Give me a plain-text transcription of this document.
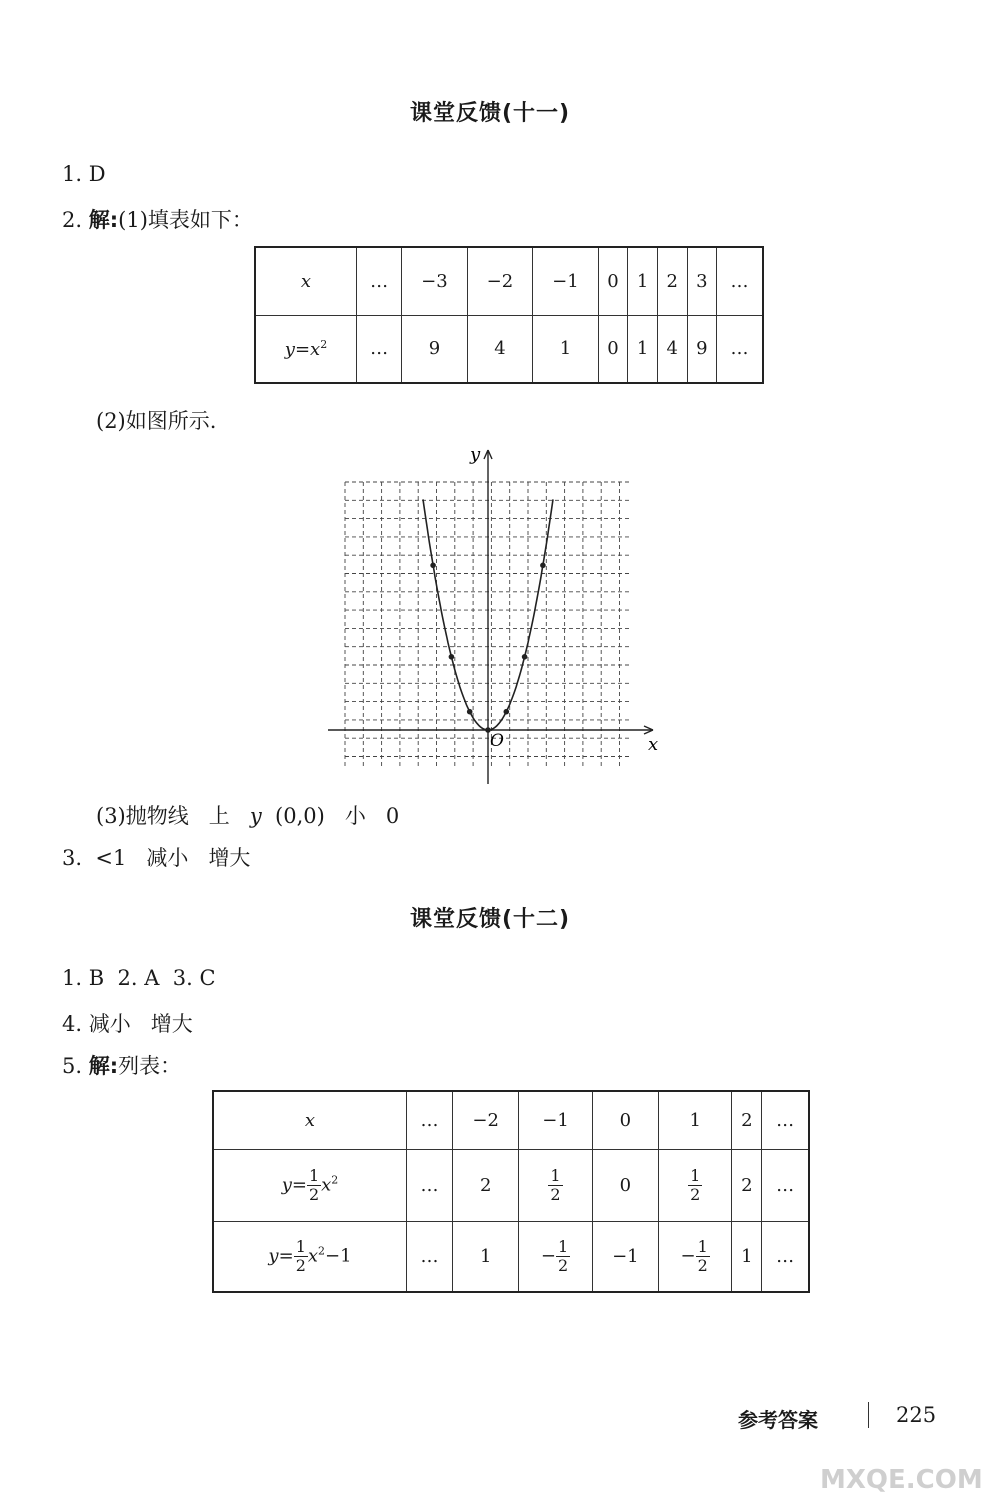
课堂反馈(十一)
1. D
2. 解:(1)填表如下：
x	…	−3	−2	−1	0	1	2	3	…
$y=x^2$	…	9	4	1	0	1	4	9	…
(2)如图所示.
x
y
O
(3)抛物线 上 y (0,0) 小 0
3. <1 减小 增大
课堂反馈(十二)
1. B 2. A 3. C
4. 减小 增大
5. 解:列表：
x	…	−2	−1	0	1	2	…
$y= \frac{1}{2} x^2$	…	2	$\frac{1}{2}$	0	$\frac{1}{2}$	2	…
$y= \frac{1}{2} x^2-1$	…	1	− $\frac{1}{2}$	−1	− $\frac{1}{2}$	1	…
参考答案	225
MXQE.COM
